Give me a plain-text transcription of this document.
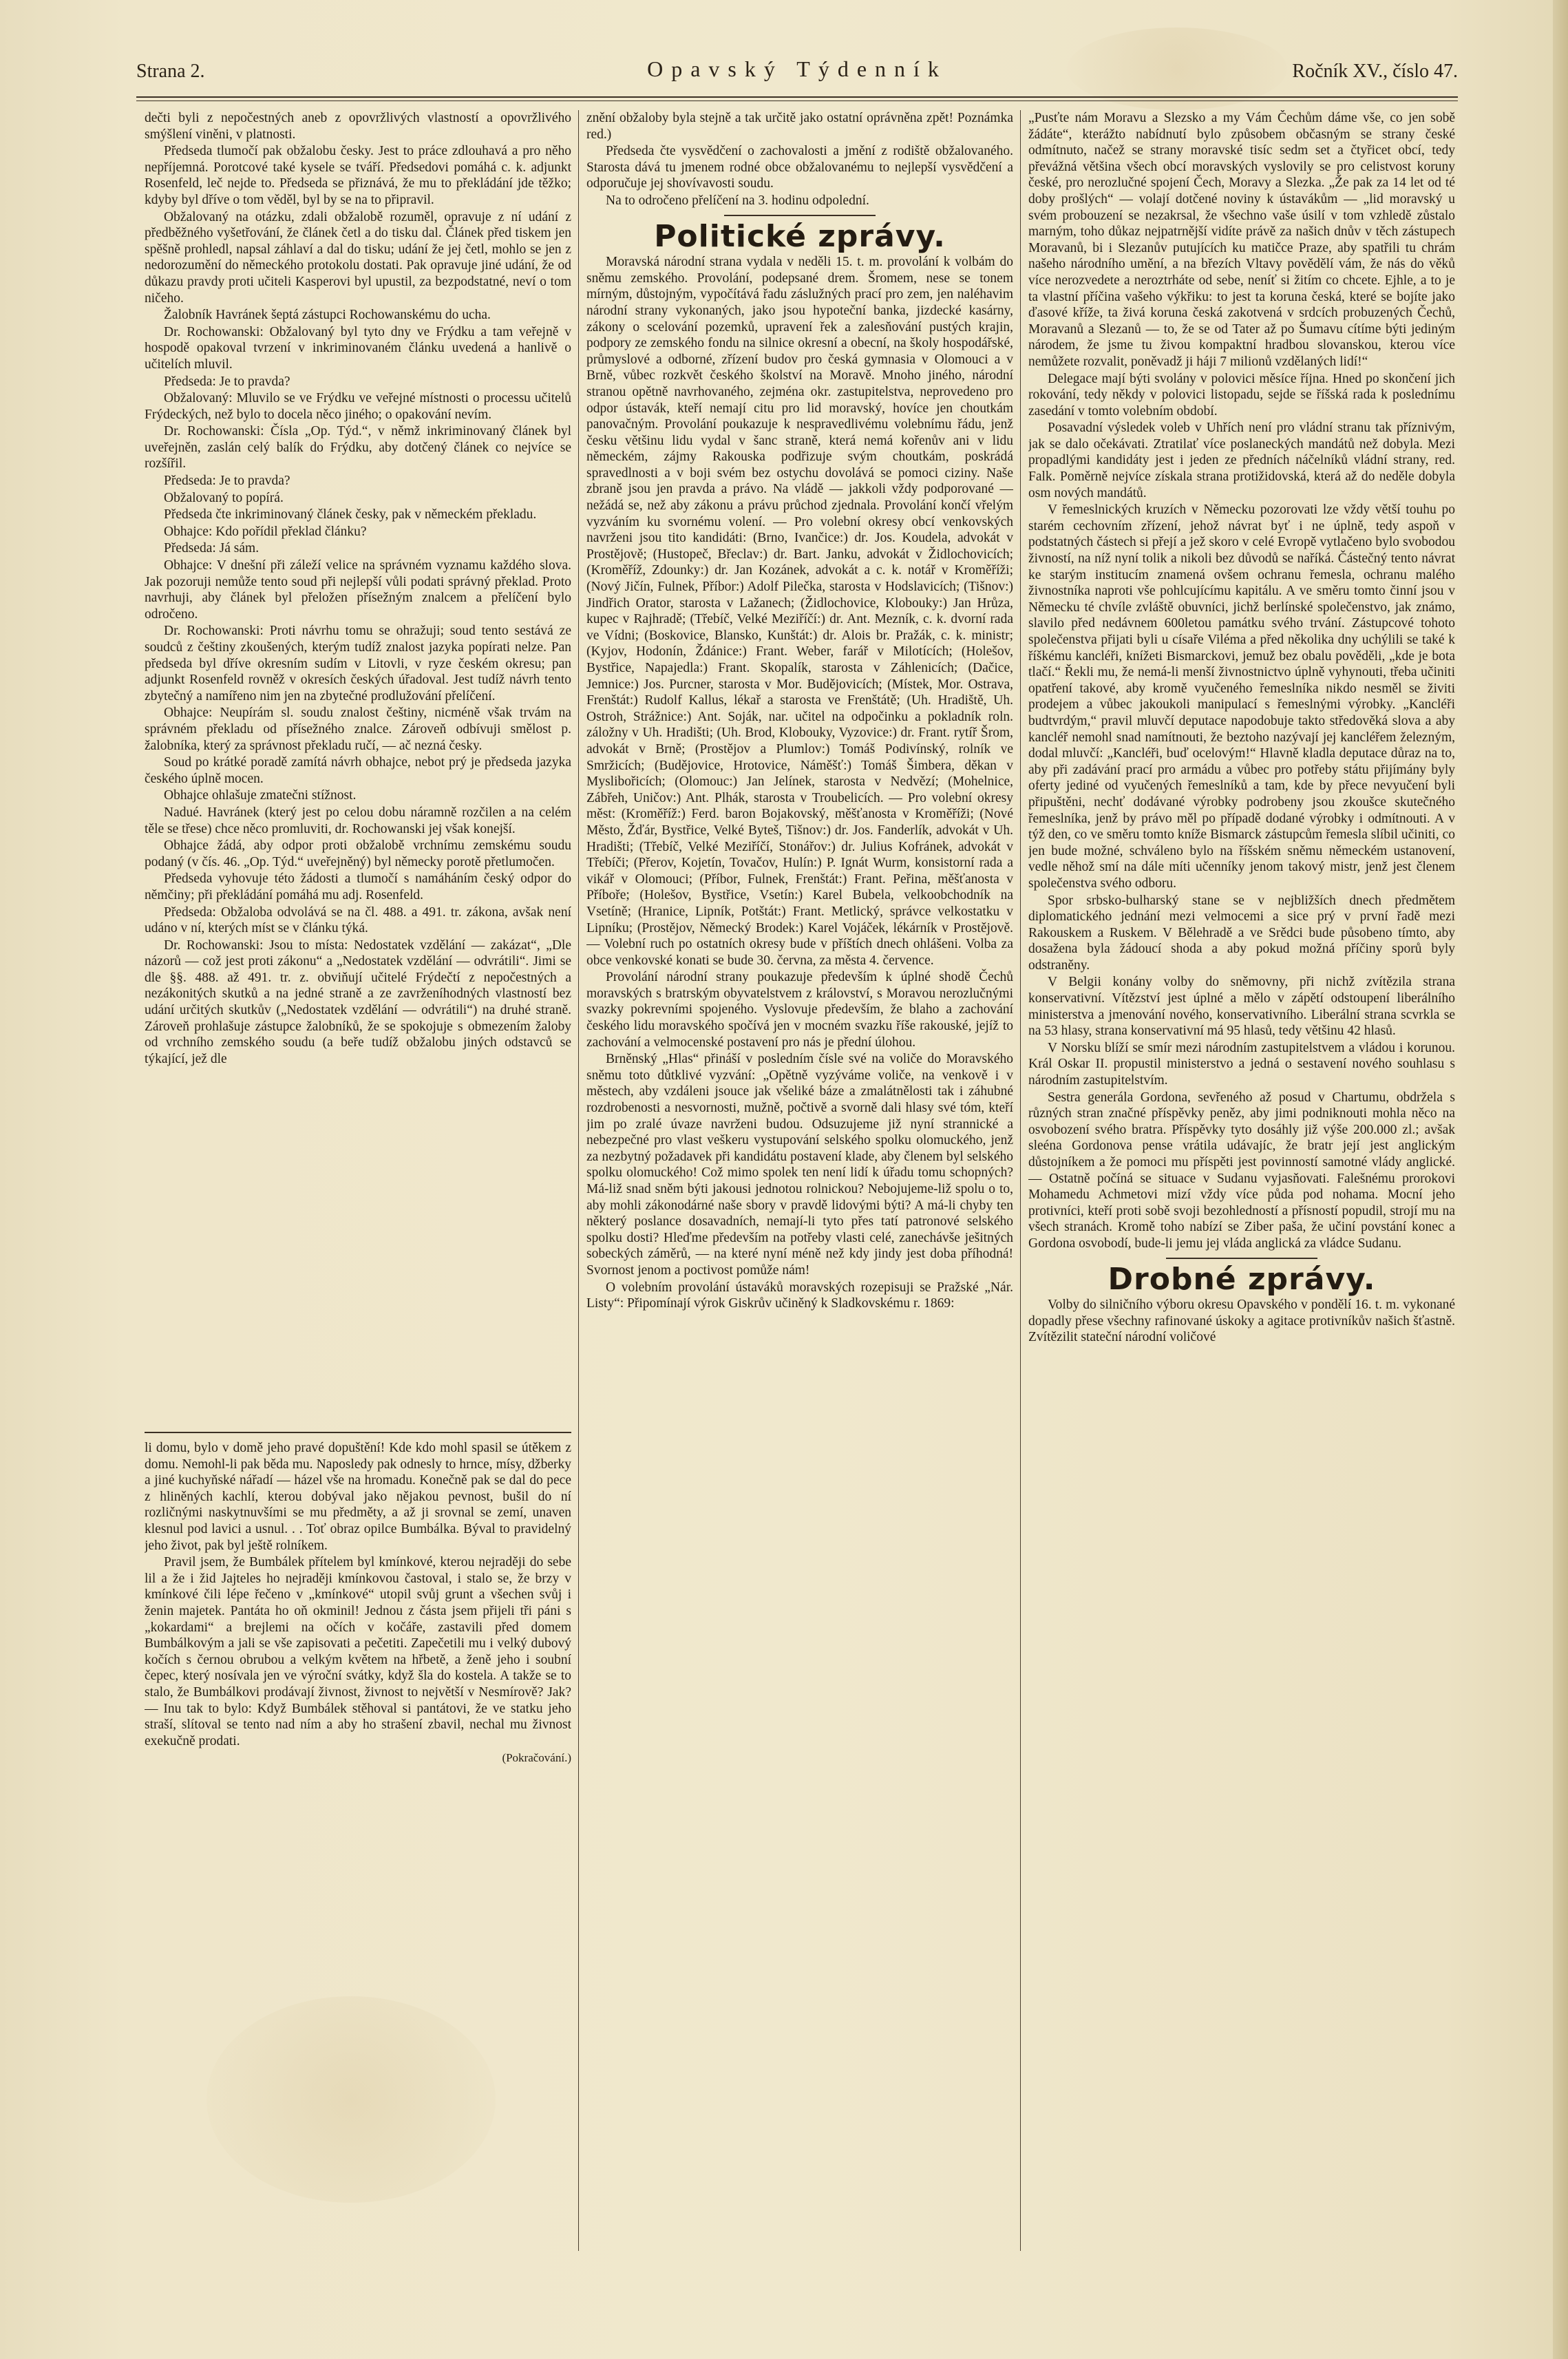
Strana 2.	Opavský Týdenník	Ročník XV., číslo 47.

dečti byli z nepočestných aneb z opovržlivých vlastností a opovržlivého smýšlení viněni, v platnosti.

Předseda tlumočí pak obžalobu česky. Jest to práce zdlouhavá a pro něho nepříjemná. Porotcové také kysele se tváří. Předsedovi pomáhá c. k. adjunkt Rosenfeld, leč nejde to. Předseda se přiznává, že mu to překládání jde těžko; kdyby byl dříve o tom věděl, byl by se na to připravil.

Obžalovaný na otázku, zdali obžalobě rozuměl, opravuje z ní udání z předběžného vyšetřování, že článek četl a do tisku dal. Článek před tiskem jen spěšně prohledl, napsal záhlaví a dal do tisku; udání že jej četl, mohlo se jen z nedorozumění do německého protokolu dostati. Pak opravuje jiné udání, že od důkazu pravdy proti učiteli Kasperovi byl upustil, za bezpodstatné, neví o tom ničeho.

Žalobník Havránek šeptá zástupci Rochowanskému do ucha.

Dr. Rochowanski: Obžalovaný byl tyto dny ve Frýdku a tam veřejně v hospodě opakoval tvrzení v inkriminovaném článku uvedená a hanlivě o učitelích mluvil.

Předseda: Je to pravda?

Obžalovaný: Mluvilo se ve Frýdku ve veřejné místnosti o processu učitelů Frýdeckých, než bylo to docela něco jiného; o opakování nevím.

Dr. Rochowanski: Čísla „Op. Týd.“, v němž inkriminovaný článek byl uveřejněn, zaslán celý balík do Frýdku, aby dotčený článek co nejvíce se rozšířil.

Předseda: Je to pravda?

Obžalovaný to popírá.

Předseda čte inkriminovaný článek česky, pak v německém překladu.

Obhajce: Kdo pořídil překlad článku?

Předseda: Já sám.

Obhajce: V dnešní při záleží velice na správném vyznamu každého slova. Jak pozoruji nemůže tento soud při nejlepší vůli podati správný překlad. Proto navrhuji, aby článek byl přeložen přísežným znalcem a přelíčení bylo odročeno.

Dr. Rochowanski: Proti návrhu tomu se ohražuji; soud tento sestává ze soudců z češtiny zkoušených, kterým tudíž znalost jazyka popírati nelze. Pan předseda byl dříve okresním sudím v Litovli, v ryze českém okresu; pan adjunkt Rosenfeld rovněž v okresích českých úřadoval. Jest tudíž návrh tento zbytečný a namířeno nim jen na zbytečné prodlužování přelíčení.

Obhajce: Neupírám sl. soudu znalost češtiny, nicméně však trvám na správném překladu od přísežného znalce. Zároveň odbívuji smělost p. žalobníka, který za správnost překladu ručí, — ač nezná česky.

Soud po krátké poradě zamítá návrh obhajce, nebot prý je předseda jazyka českého úplně mocen.

Obhajce ohlašuje zmatečni stížnost.

Nadué. Havránek (který jest po celou dobu náramně rozčilen a na celém těle se třese) chce něco promluviti, dr. Rochowanski jej však konejší.

Obhajce žádá, aby odpor proti obžalobě vrchnímu zemskému soudu podaný (v čís. 46. „Op. Týd.“ uveřejněný) byl německy porotě přetlumočen.

Předseda vyhovuje této žádosti a tlumočí s namáháním český odpor do němčiny; při překládání pomáhá mu adj. Rosenfeld.

Předseda: Obžaloba odvolává se na čl. 488. a 491. tr. zákona, avšak není udáno v ní, kterých míst se v článku týká.

Dr. Rochowanski: Jsou to místa: Nedostatek vzdělání — zakázat“, „Dle názorů — což jest proti zákonu“ a „Nedostatek vzdělání — odvrátili“. Jimi se dle §§. 488. až 491. tr. z. obviňují učitelé Frýdečtí z nepočestných a nezákonitých skutků a na jedné straně a ze zavrženíhodných vlastností bez udání určitých skutkův („Nedostatek vzdělání — odvrátili“) na druhé straně. Zároveň prohlašuje zástupce žalobníků, že se spokojuje s obmezením žaloby od vrchního zemského soudu (a beře tudíž obžalobu jiných odstavců se týkající, jež dle

li domu, bylo v domě jeho pravé dopuštění! Kde kdo mohl spasil se útěkem z domu. Nemohl-li pak běda mu. Naposledy pak odnesly to hrnce, mísy, džberky a jiné kuchyňské nářadí — házel vše na hromadu. Konečně pak se dal do pece z hliněných kachlí, kterou dobýval jako nějakou pevnost, bušil do ní rozličnými naskytnuvšími se mu předměty, a až ji srovnal se zemí, unaven klesnul pod lavici a usnul. . . Toť obraz opilce Bumbálka. Býval to pravidelný jeho život, pak byl ještě rolníkem.

Pravil jsem, že Bumbálek přítelem byl kmínkové, kterou nejraději do sebe lil a že i žid Jajteles ho nejraději kmínkovou častoval, i stalo se, že brzy v kmínkové čili lépe řečeno v „kmínkové“ utopil svůj grunt a všechen svůj i ženin majetek. Pantáta ho oň okminil! Jednou z částa jsem přijeli tři páni s „kokardami“ a brejlemi na očích v kočáře, zastavili před domem Bumbálkovým a jali se vše zapisovati a pečetiti. Zapečetili mu i velký dubový kočích s černou obrubou a velkým květem na hřbetě, a ženě jeho i soubní čepec, který nosívala jen ve výroční svátky, když šla do kostela. A takže se to stalo, že Bumbálkovi prodávají živnost, živnost to největší v Nesmírově? Jak? — Inu tak to bylo: Když Bumbálek stěhoval si pantátovi, že ve statku jeho straší, slítoval se tento nad ním a aby ho strašení zbavil, nechal mu živnost exekučně prodati.

(Pokračování.)

znění obžaloby byla stejně a tak určitě jako ostatní oprávněna zpět! Poznámka red.)

Předseda čte vysvědčení o zachovalosti a jmění z rodiště obžalovaného. Starosta dává tu jmenem rodné obce obžalovanému to nejlepší vysvědčení a odporučuje jej shovívavosti soudu.

Na to odročeno přelíčení na 3. hodinu odpolední.

Politické zprávy.

Moravská národní strana vydala v neděli 15. t. m. provolání k volbám do sněmu zemského. Provolání, podepsané drem. Šromem, nese se tonem mírným, důstojným, vypočítává řadu záslužných prací pro zem, jen naléhavim národní strany vykonaných, jako jsou hypoteční banka, jizdecké kasárny, zákony o scelování pozemků, upravení řek a zalesňování pustých krajin, podpory ze zemského fondu na silnice okresní a obecní, na školy hospodářské, průmyslové a odborné, zřízení budov pro česká gymnasia v Olomouci a v Brně, vůbec rozkvět českého školství na Moravě. Mnoho jiného, národní stranou opětně navrhovaného, zejména okr. zastupitelstva, neprovedeno pro odpor ústavák, kteří nemají citu pro lid moravský, hovíce jen choutkám panovačným. Provolání poukazuje k nespravedlivému volebnímu řádu, jenž česku většinu lidu vydal v šanc straně, která nemá kořenův ani v lidu německém, zájmy Rakouska podřizuje svým choutkám, poskrádá spravedlnosti a v boji svém bez ostychu dovolává se pomoci ciziny. Naše zbraně jsou jen pravda a právo. Na vládě — jakkoli vždy podporované — nežádá se, než aby zákonu a právu průchod zjednala. Provolání končí vřelým vyzváním ku svornému volení. — Pro volební okresy obcí venkovských navrženi jsou tito kandidáti: (Brno, Ivančice:) dr. Jos. Koudela, advokát v Prostějově; (Hustopeč, Břeclav:) dr. Bart. Janku, advokát v Židlochovicích; (Kroměříž, Zdounky:) dr. Jan Kozánek, advokát a c. k. notář v Kroměříži; (Nový Jičín, Fulnek, Příbor:) Adolf Pilečka, starosta v Hodslavicích; (Tišnov:) Jindřich Orator, starosta v Lažanech; (Židlochovice, Klobouky:) Jan Hrůza, kupec v Rajhradě; (Třebíč, Velké Meziříčí:) dr. Ant. Mezník, c. k. dvorní rada ve Vídni; (Boskovice, Blansko, Kunštát:) dr. Alois br. Pražák, c. k. ministr; (Kyjov, Hodonín, Ždánice:) Frant. Weber, farář v Milotících; (Holešov, Bystřice, Napajedla:) Frant. Skopalík, starosta v Záhlenicích; (Dačice, Jemnice:) Jos. Purcner, starosta v Mor. Budějovicích; (Místek, Mor. Ostrava, Frenštát:) Rudolf Kallus, lékař a starosta ve Frenštátě; (Uh. Hradiště, Uh. Ostroh, Strážnice:) Ant. Soják, nar. učitel na odpočinku a pokladník roln. záložny v Uh. Hradišti; (Uh. Brod, Klobouky, Vyzovice:) dr. Frant. rytíř Šrom, advokát v Brně; (Prostějov a Plumlov:) Tomáš Podivínský, rolník ve Smržicích; (Budějovice, Hrotovice, Náměšť:) Tomáš Šimbera, děkan v Myslibořicích; (Olomouc:) Jan Jelínek, starosta v Nedvězí; (Mohelnice, Zábřeh, Uničov:) Ant. Plhák, starosta v Troubelicích. — Pro volební okresy měst: (Kroměříž:) Ferd. baron Bojakovský, měšťanosta v Kroměříži; (Nové Město, Žďár, Bystřice, Velké Byteš, Tišnov:) dr. Jos. Fanderlík, advokát v Uh. Hradišti; (Třebíč, Velké Meziříčí, Stonářov:) dr. Julius Kofránek, advokát v Třebíči; (Přerov, Kojetín, Tovačov, Hulín:) P. Ignát Wurm, konsistorní rada a vikář v Olomouci; (Příbor, Fulnek, Frenštát:) Frant. Peřina, měšťanosta v Příboře; (Holešov, Bystřice, Vsetín:) Karel Bubela, velkoobchodník na Vsetíně; (Hranice, Lipník, Potštát:) Frant. Metlický, správce velkostatku v Lipníku; (Prostějov, Německý Brodek:) Karel Vojáček, lékárník v Prostějově. — Volební ruch po ostatních okresy bude v příštích dnech ohlášeni. Volba za obce venkovské konati se bude 30. června, za města 4. července.

Provolání národní strany poukazuje především k úplné shodě Čechů moravských s bratrským obyvatelstvem z království, s Moravou nerozlučnými svazky pokrevními spojeného. Vyslovuje především, že blaho a zachování českého lidu moravského spočívá jen v mocném svazku říše rakouské, jejíž to zachování a velmocenské postavení pro nás je přední úlohou.

Brněnský „Hlas“ přináší v posledním čísle své na voliče do Moravského sněmu toto důtklivé vyzvání: „Opětně vyzýváme voliče, na venkově i v městech, aby vzdáleni jsouce jak všeliké báze a zmalátnělosti tak i záhubné rozdrobenosti a nesvornosti, mužně, počtivě a svorně dali hlasy své tóm, kteří jim po zralé úvaze navrženi budou. Odsuzujeme již nyní strannické a nebezpečné pro vlast veškeru vystupování selského spolku olomuckého, jenž za nezbytný požadavek při kandidátu postavení klade, aby členem byl selského spolku olomuckého! Což mimo spolek ten není lidí k úřadu tomu schopných? Má-liž snad sněm býti jakousi jednotou rolnickou? Nebojujeme-liž spolu o to, aby mohli zákonodárné naše sbory v pravdě lidovými býti? A má-li chyby ten některý poslance dosavadních, nemají-li tyto přes tatí patronové selského spolku dosti? Hleďme především na potřeby vlasti celé, zanechávše ješitných sobeckých záměrů, — na které nyní méně než kdy jindy jest doba příhodná! Svornost jenom a poctivost pomůže nám!

O volebním provolání ústaváků moravských rozepisuji se Pražské „Nár. Listy“: Připomínají výrok Giskrův učiněný k Sladkovskému r. 1869:

„Pusťte nám Moravu a Slezsko a my Vám Čechům dáme vše, co jen sobě žádáte“, kterážto nabídnutí bylo způsobem občasným se strany české odmítnuto, načež se strany moravské tisíc sedm set a čtyřicet obcí, tedy převážná většina všech obcí moravských vyslovily se pro celistvost koruny české, pro nerozlučné spojení Čech, Moravy a Slezka. „Že pak za 14 let od té doby prošlých“ — volají dotčené noviny k ústavákům — „lid moravský u svém probouzení se nezakrsal, že všechno vaše úsilí v tom vzhledě zůstalo marným, toho důkaz nejpatrnější vidíte právě za našich dnův v těch zástupech Moravanů, bi i Slezanův putujících ku matičce Praze, aby spatřili tu chrám našeho národního umění, a na březích Vltavy povědělí vám, že nás do věků více nerozvedete a neroztrháte od sebe, neníť si žitím co chcete. Ejhle, a to je ta vlastní příčina vašeho výkřiku: to jest ta koruna česká, které se bojíte jako ďasové kříže, ta živá koruna česká zakotvená v srdcích probuzených Čechů, Moravanů a Slezanů — to, že se od Tater až po Šumavu cítíme býti jediným národem, že jsme tu živou kompaktní hradbou slovanskou, kterou více nemůžete rozvalit, poněvadž ji háji 7 milionů vzdělaných lidí!“

Delegace mají býti svolány v polovici měsíce října. Hned po skončení jich rokování, tedy někdy v polovici listopadu, sejde se říšská rada k poslednímu zasedání v tomto volebním období.

Posavadní výsledek voleb v Uhřích není pro vládní stranu tak příznivým, jak se dalo očekávati. Ztratilať více poslaneckých mandátů než dobyla. Mezi propadlými kandidáty jest i jeden ze předních náčelníků vládní strany, red. Falk. Poměrně nejvíce získala strana protižidovská, která až do neděle dobyla osm nových mandátů.

V řemeslnických kruzích v Německu pozorovati lze vždy větší touhu po starém cechovním zřízení, jehož návrat byť i ne úplně, tedy aspoň v podstatných částech si přejí a jež skoro v celé Evropě vytlačeno bylo svobodou živností, na níž nyní tolik a nikoli bez důvodů se naříká. Částečný tento návrat ke starým institucím znamená ovšem ochranu řemesla, ochranu malého živnostníka naproti vše pohlcujícímu kapitálu. A ve směru tomto činní jsou v Německu té chvíle zvláště obuvníci, jichž berlínské společenstvo, jak známo, slavilo před nedávnem 600letou památku svého trvání. Zástupcové tohoto společenstva přijati byli u císaře Viléma a před několika dny uchýlili se také k říškému kancléři, knížeti Bismarckovi, jemuž bez obalu pověděli, „kde je bota tlačí.“ Řekli mu, že nemá-li menší živnostnictvo úplně vyhynouti, třeba učiniti opatření takové, aby kromě vyučeného řemeslníka nikdo nesměl se živiti prodejem a vůbec jakoukoli manipulací s řemeslnými výrobky. „Kancléři budtvrdým,“ pravil mluvčí deputace napodobuje takto středověká slova a aby kancléř nemohl snad namítnouti, že beztoho nazývají jej kancléřem železným, dodal mluvčí: „Kancléři, buď ocelovým!“ Hlavně kladla deputace důraz na to, aby při zadávání prací pro armádu a vůbec pro potřeby státu přijímány byly oferty jediné od vyučených řemeslníků a tam, kde by přece nevyučení byli připuštěni, nechť dodávané výrobky podrobeny jsou zkoušce skutečného řemeslníka, jenž by právo měl po případě dodané výrobky i odmítnouti. A v týž den, co ve směru tomto kníže Bismarck zástupcům řemesla slíbil učiniti, co jen bude možné, schváleno bylo na říšském sněmu německém ustanovení, vedle něhož smí na dále míti učenníky jenom takový mistr, jenž jest členem společenstva svého odboru.

Spor srbsko-bulharský stane se v nejbližších dnech předmětem diplomatického jednání mezi velmocemi a sice prý v první řadě mezi Rakouskem a Ruskem. V Bělehradě a ve Srědci bude působeno tímto, aby dosažena byla žádoucí shoda a aby pokud možná příčiny sporů byly odstraněny.

V Belgii konány volby do sněmovny, při nichž zvítězila strana konservativní. Vítězství jest úplné a mělo v zápětí odstoupení liberálního ministerstva a jmenování nového, konservativního. Liberální strana scvrkla se na 53 hlasy, strana konservativní má 95 hlasů, tedy většinu 42 hlasů.

V Norsku blíží se smír mezi národním zastupitelstvem a vládou i korunou. Král Oskar II. propustil ministerstvo a jedná o sestavení nového souhlasu s národním zastupitelstvím.

Sestra generála Gordona, sevřeného až posud v Chartumu, obdržela s různých stran značné příspěvky peněz, aby jimi podniknouti mohla něco na osvobození svého bratra. Příspěvky tyto dosáhly již výše 200.000 zl.; avšak sleéna Gordonova pense vrátila udávajíc, že bratr její jest anglickým důstojníkem a že pomoci mu příspěti jest povinností samotné vlády anglické. — Ostatně počíná se situace v Sudanu vyjasňovati. Falešnému prorokovi Mohamedu Achmetovi mizí vždy více půda pod nohama. Mocní jeho protivníci, kteří proti sobě svoji bezohledností a přísností popudil, strojí mu na všech stranách. Kromě toho nabízí se Ziber paša, že učiní povstání konec a Gordona osvobodí, bude-li jemu jej vláda anglická za vládce Sudanu.

Drobné zprávy.

Volby do silničního výboru okresu Opavského v pondělí 16. t. m. vykonané dopadly přese všechny rafinované úskoky a agitace protivníkův našich šťastně. Zvítězilit stateční národní voličové
